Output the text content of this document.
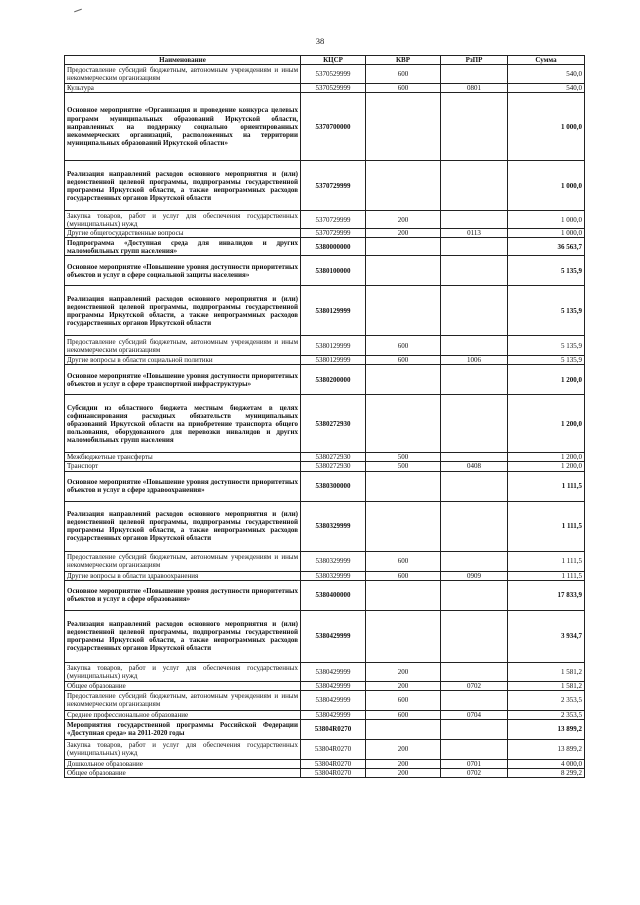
38
Наименование	КЦСР	КВР	РзПР	Сумма
Предоставление субсидий бюджетным, автономным учреждениям и иным некоммерческим организациям	5370529999	600		540,0
Культура	5370529999	600	0801	540,0
Основное мероприятие «Организация и проведение конкурса целевых программ муниципальных образований Иркутской области, направленных на поддержку социально ориентированных некоммерческих организаций, расположенных на территории муниципальных образований Иркутской области»	5370700000			1 000,0
Реализация направлений расходов основного мероприятия и (или) ведомственной целевой программы, подпрограммы государственной программы Иркутской области, а также непрограммных расходов государственных органов Иркутской области	5370729999			1 000,0
Закупка товаров, работ и услуг для обеспечения государственных (муниципальных) нужд	5370729999	200		1 000,0
Другие общегосударственные вопросы	5370729999	200	0113	1 000,0
Подпрограмма «Доступная среда для инвалидов и других маломобильных групп населения»	5380000000			36 563,7
Основное мероприятие «Повышение уровня доступности приоритетных объектов и услуг в сфере социальной защиты населения»	5380100000			5 135,9
Реализация направлений расходов основного мероприятия и (или) ведомственной целевой программы, подпрограммы государственной программы Иркутской области, а также непрограммных расходов государственных органов Иркутской области	5380129999			5 135,9
Предоставление субсидий бюджетным, автономным учреждениям и иным некоммерческим организациям	5380129999	600		5 135,9
Другие вопросы в области социальной политики	5380129999	600	1006	5 135,9
Основное мероприятие «Повышение уровня доступности приоритетных объектов и услуг в сфере транспортной инфраструктуры»	5380200000			1 200,0
Субсидии из областного бюджета местным бюджетам в целях софинансирования расходных обязательств муниципальных образований Иркутской области на приобретение транспорта общего пользования, оборудованного для перевозки инвалидов и других маломобильных групп населения	5380272930			1 200,0
Межбюджетные трансферты	5380272930	500		1 200,0
Транспорт	5380272930	500	0408	1 200,0
Основное мероприятие «Повышение уровня доступности приоритетных объектов и услуг в сфере здравоохранения»	5380300000			1 111,5
Реализация направлений расходов основного мероприятия и (или) ведомственной целевой программы, подпрограммы государственной программы Иркутской области, а также непрограммных расходов государственных органов Иркутской области	5380329999			1 111,5
Предоставление субсидий бюджетным, автономным учреждениям и иным некоммерческим организациям	5380329999	600		1 111,5
Другие вопросы в области здравоохранения	5380329999	600	0909	1 111,5
Основное мероприятие «Повышение уровня доступности приоритетных объектов и услуг в сфере образования»	5380400000			17 833,9
Реализация направлений расходов основного мероприятия и (или) ведомственной целевой программы, подпрограммы государственной программы Иркутской области, а также непрограммных расходов государственных органов Иркутской области	5380429999			3 934,7
Закупка товаров, работ и услуг для обеспечения государственных (муниципальных) нужд	5380429999	200		1 581,2
Общее образование	5380429999	200	0702	1 581,2
Предоставление субсидий бюджетным, автономным учреждениям и иным некоммерческим организациям	5380429999	600		2 353,5
Среднее профессиональное образование	5380429999	600	0704	2 353,5
Мероприятия государственной программы Российской Федерации «Доступная среда» на 2011-2020 годы	53804R0270			13 899,2
Закупка товаров, работ и услуг для обеспечения государственных (муниципальных) нужд	53804R0270	200		13 899,2
Дошкольное образование	53804R0270	200	0701	4 000,0
Общее образование	53804R0270	200	0702	8 299,2
